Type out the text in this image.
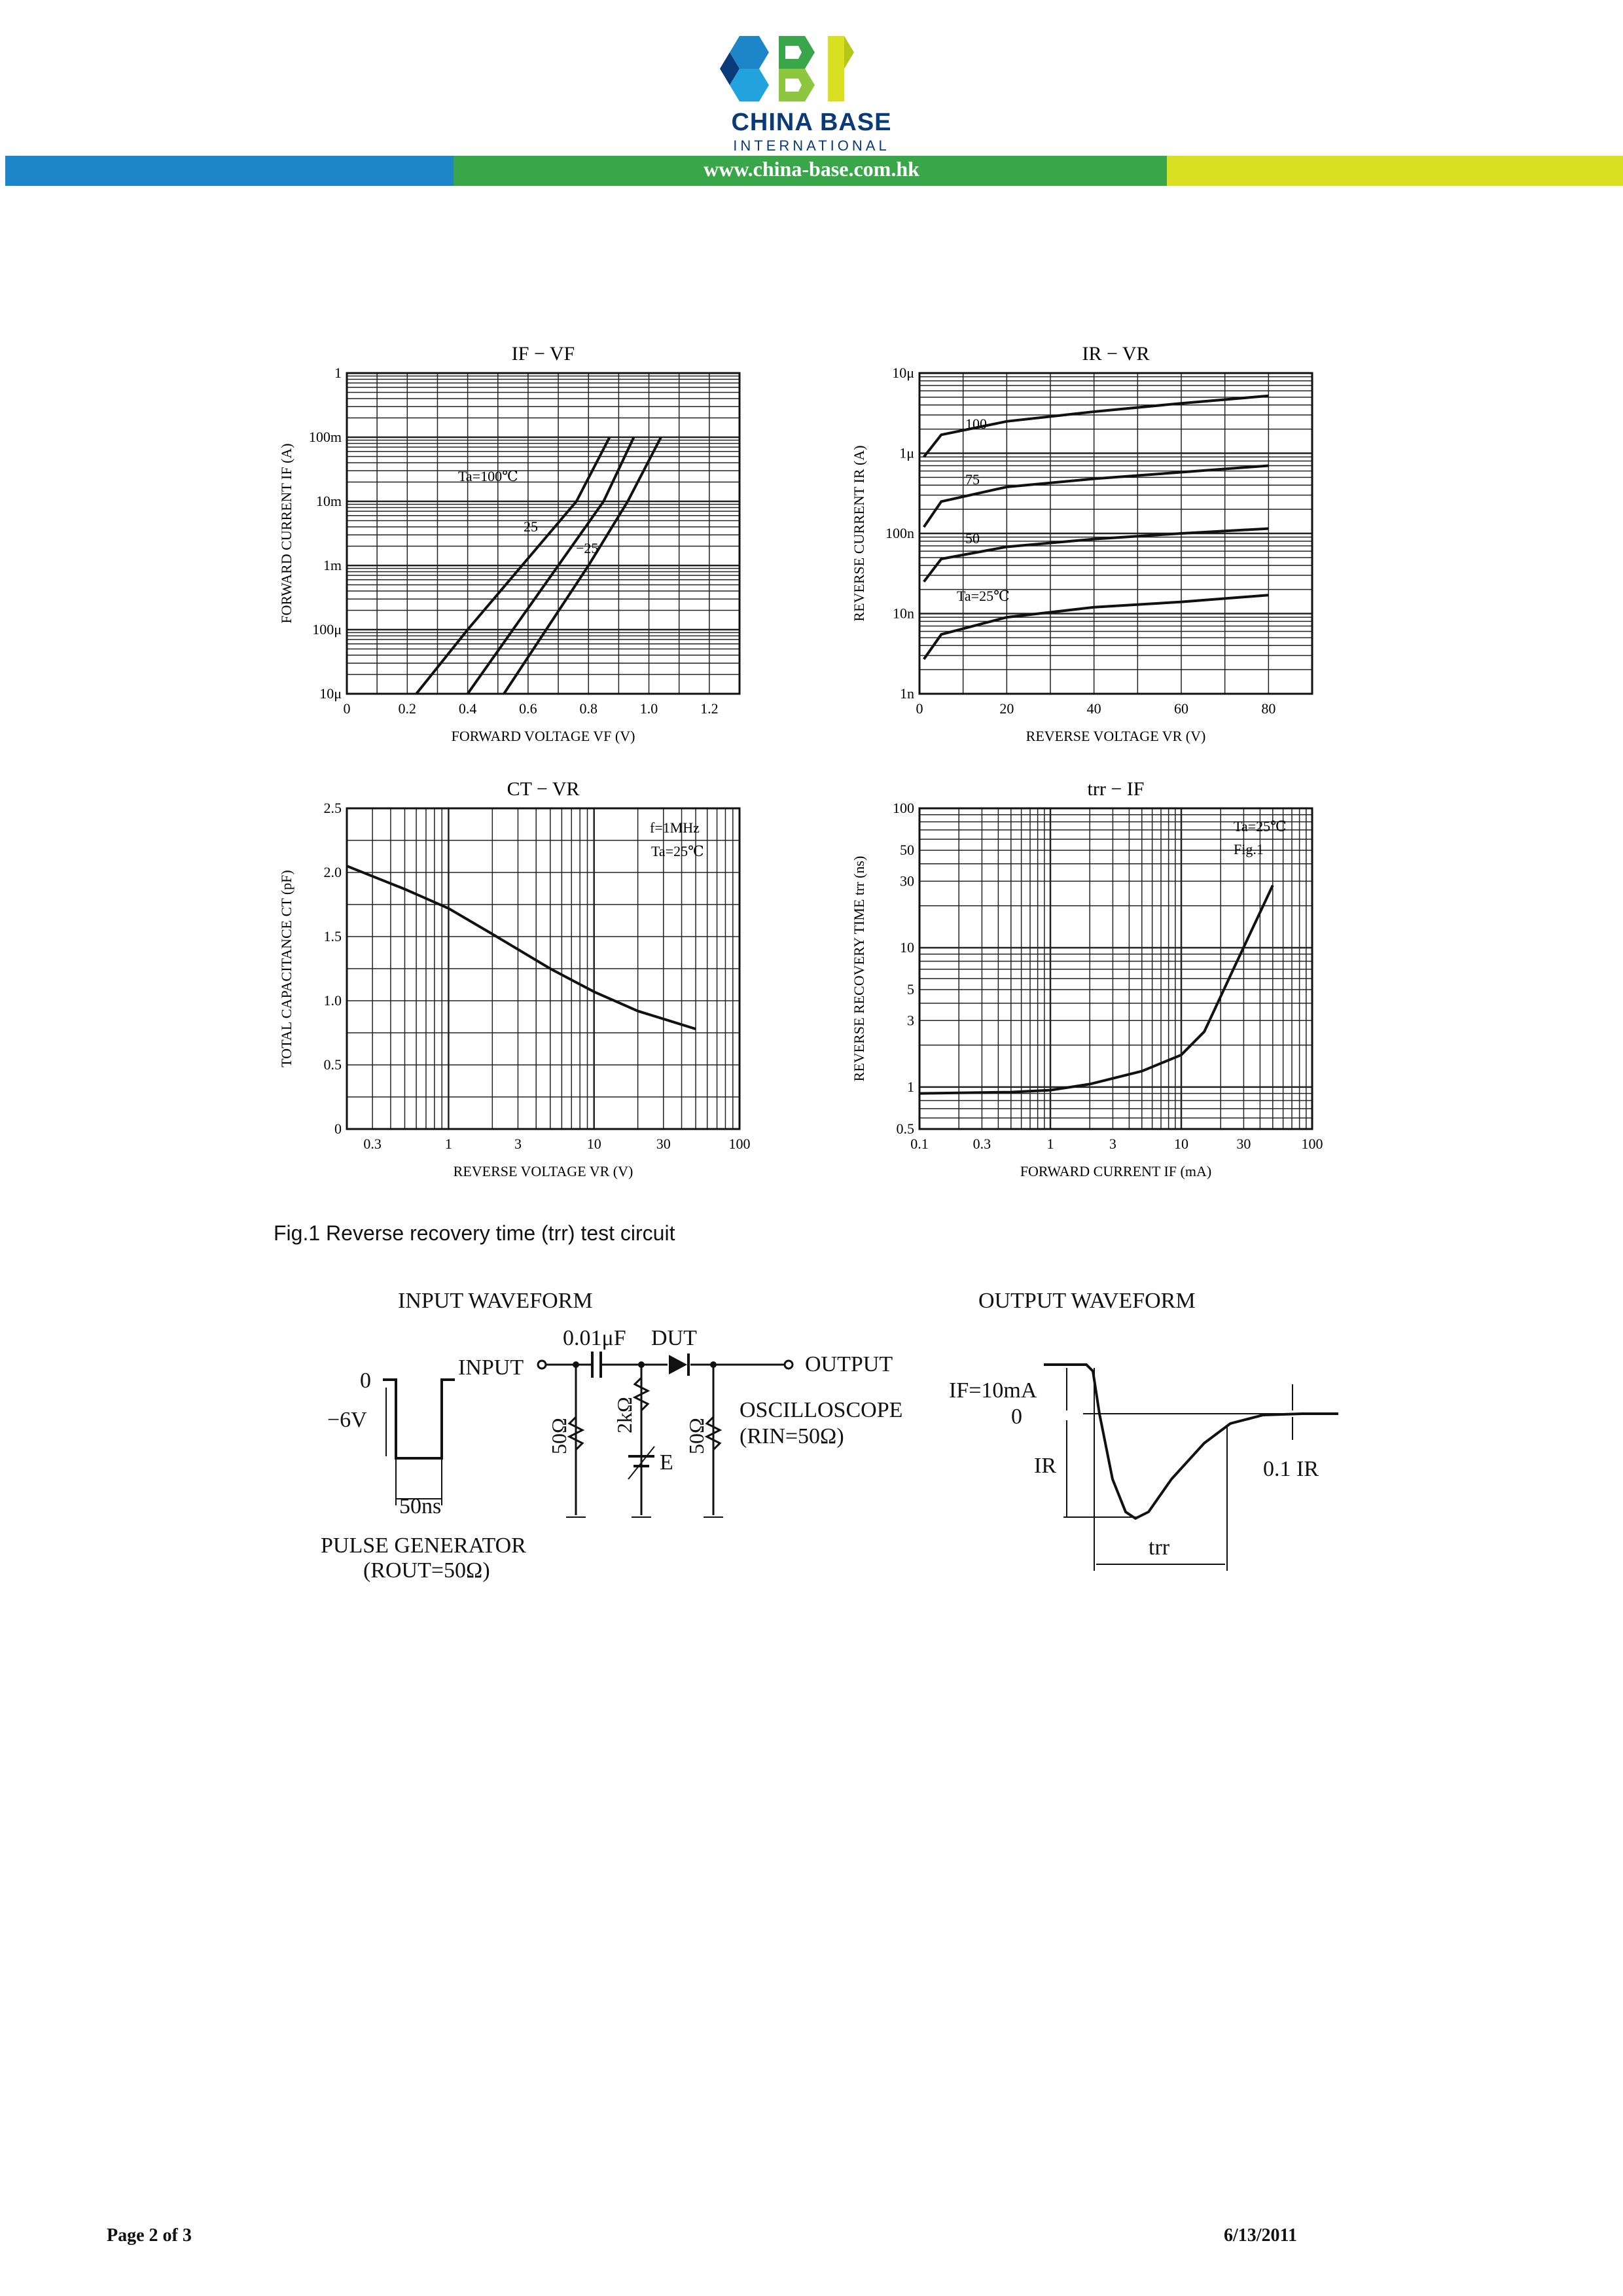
CHINA BASE
INTERNATIONAL
www.china-base.com.hk
0	0.2	0.4	0.6	0.8	1.0	1.2
10μ
100μ
1m
10m
100m
1
IF − VF
FORWARD VOLTAGE VF (V)
FORWARD CURRENT IF (A)
0	20	40	60	80
1n
10n
100n
1μ
10μ
IR − VR
REVERSE VOLTAGE VR (V)
REVERSE CURRENT IR (A)
0.3	1	3	10	30	100
0
0.5
1.0
1.5
2.0
2.5
CT − VR
REVERSE VOLTAGE VR (V)
TOTAL CAPACITANCE CT (pF)
0.1	0.3	1	3	10	30	100
0.5
1
3
5
10
30
50
100
trr − IF
FORWARD CURRENT IF (mA)
REVERSE RECOVERY TIME trr (ns)
Ta=100℃
25
−25
100
75
50
Ta=25℃
f=1MHz
Ta=25℃
Ta=25℃
Fig.1
Fig.1 Reverse recovery time (trr) test circuit
INPUT WAVEFORM	OUTPUT WAVEFORM
0
−6V
50ns
PULSE GENERATOR
(ROUT=50Ω)
0.01μF DUT
INPUT	OUTPUT
OSCILLOSCOPE
(RIN=50Ω)
E
IF=10mA
0
IR	0.1 IR
trr
50Ω
2kΩ
50Ω
Page 2 of 3	6/13/2011
